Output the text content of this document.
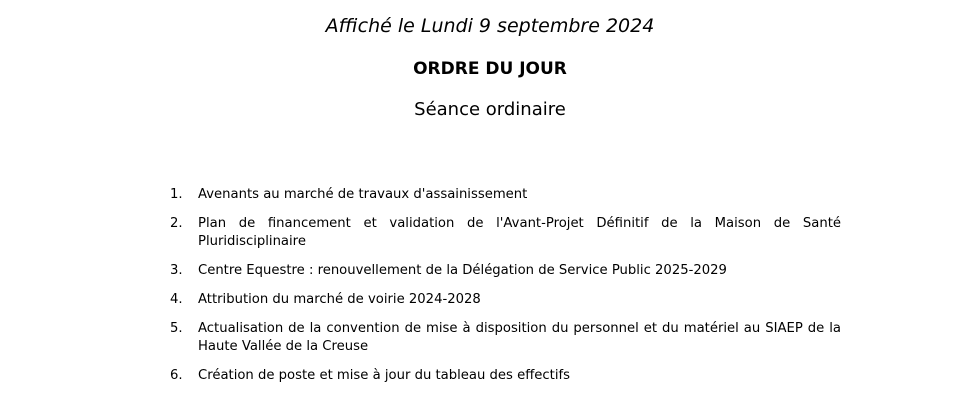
Affiché le Lundi 9 septembre 2024
ORDRE DU JOUR
Séance ordinaire
1. Avenants au marché de travaux d'assainissement
2. Plan de financement et validation de l'Avant-Projet Définitif de la Maison de Santé Pluridisciplinaire
3. Centre Equestre : renouvellement de la Délégation de Service Public 2025-2029
4. Attribution du marché de voirie 2024-2028
5. Actualisation de la convention de mise à disposition du personnel et du matériel au SIAEP de la Haute Vallée de la Creuse
6. Création de poste et mise à jour du tableau des effectifs
